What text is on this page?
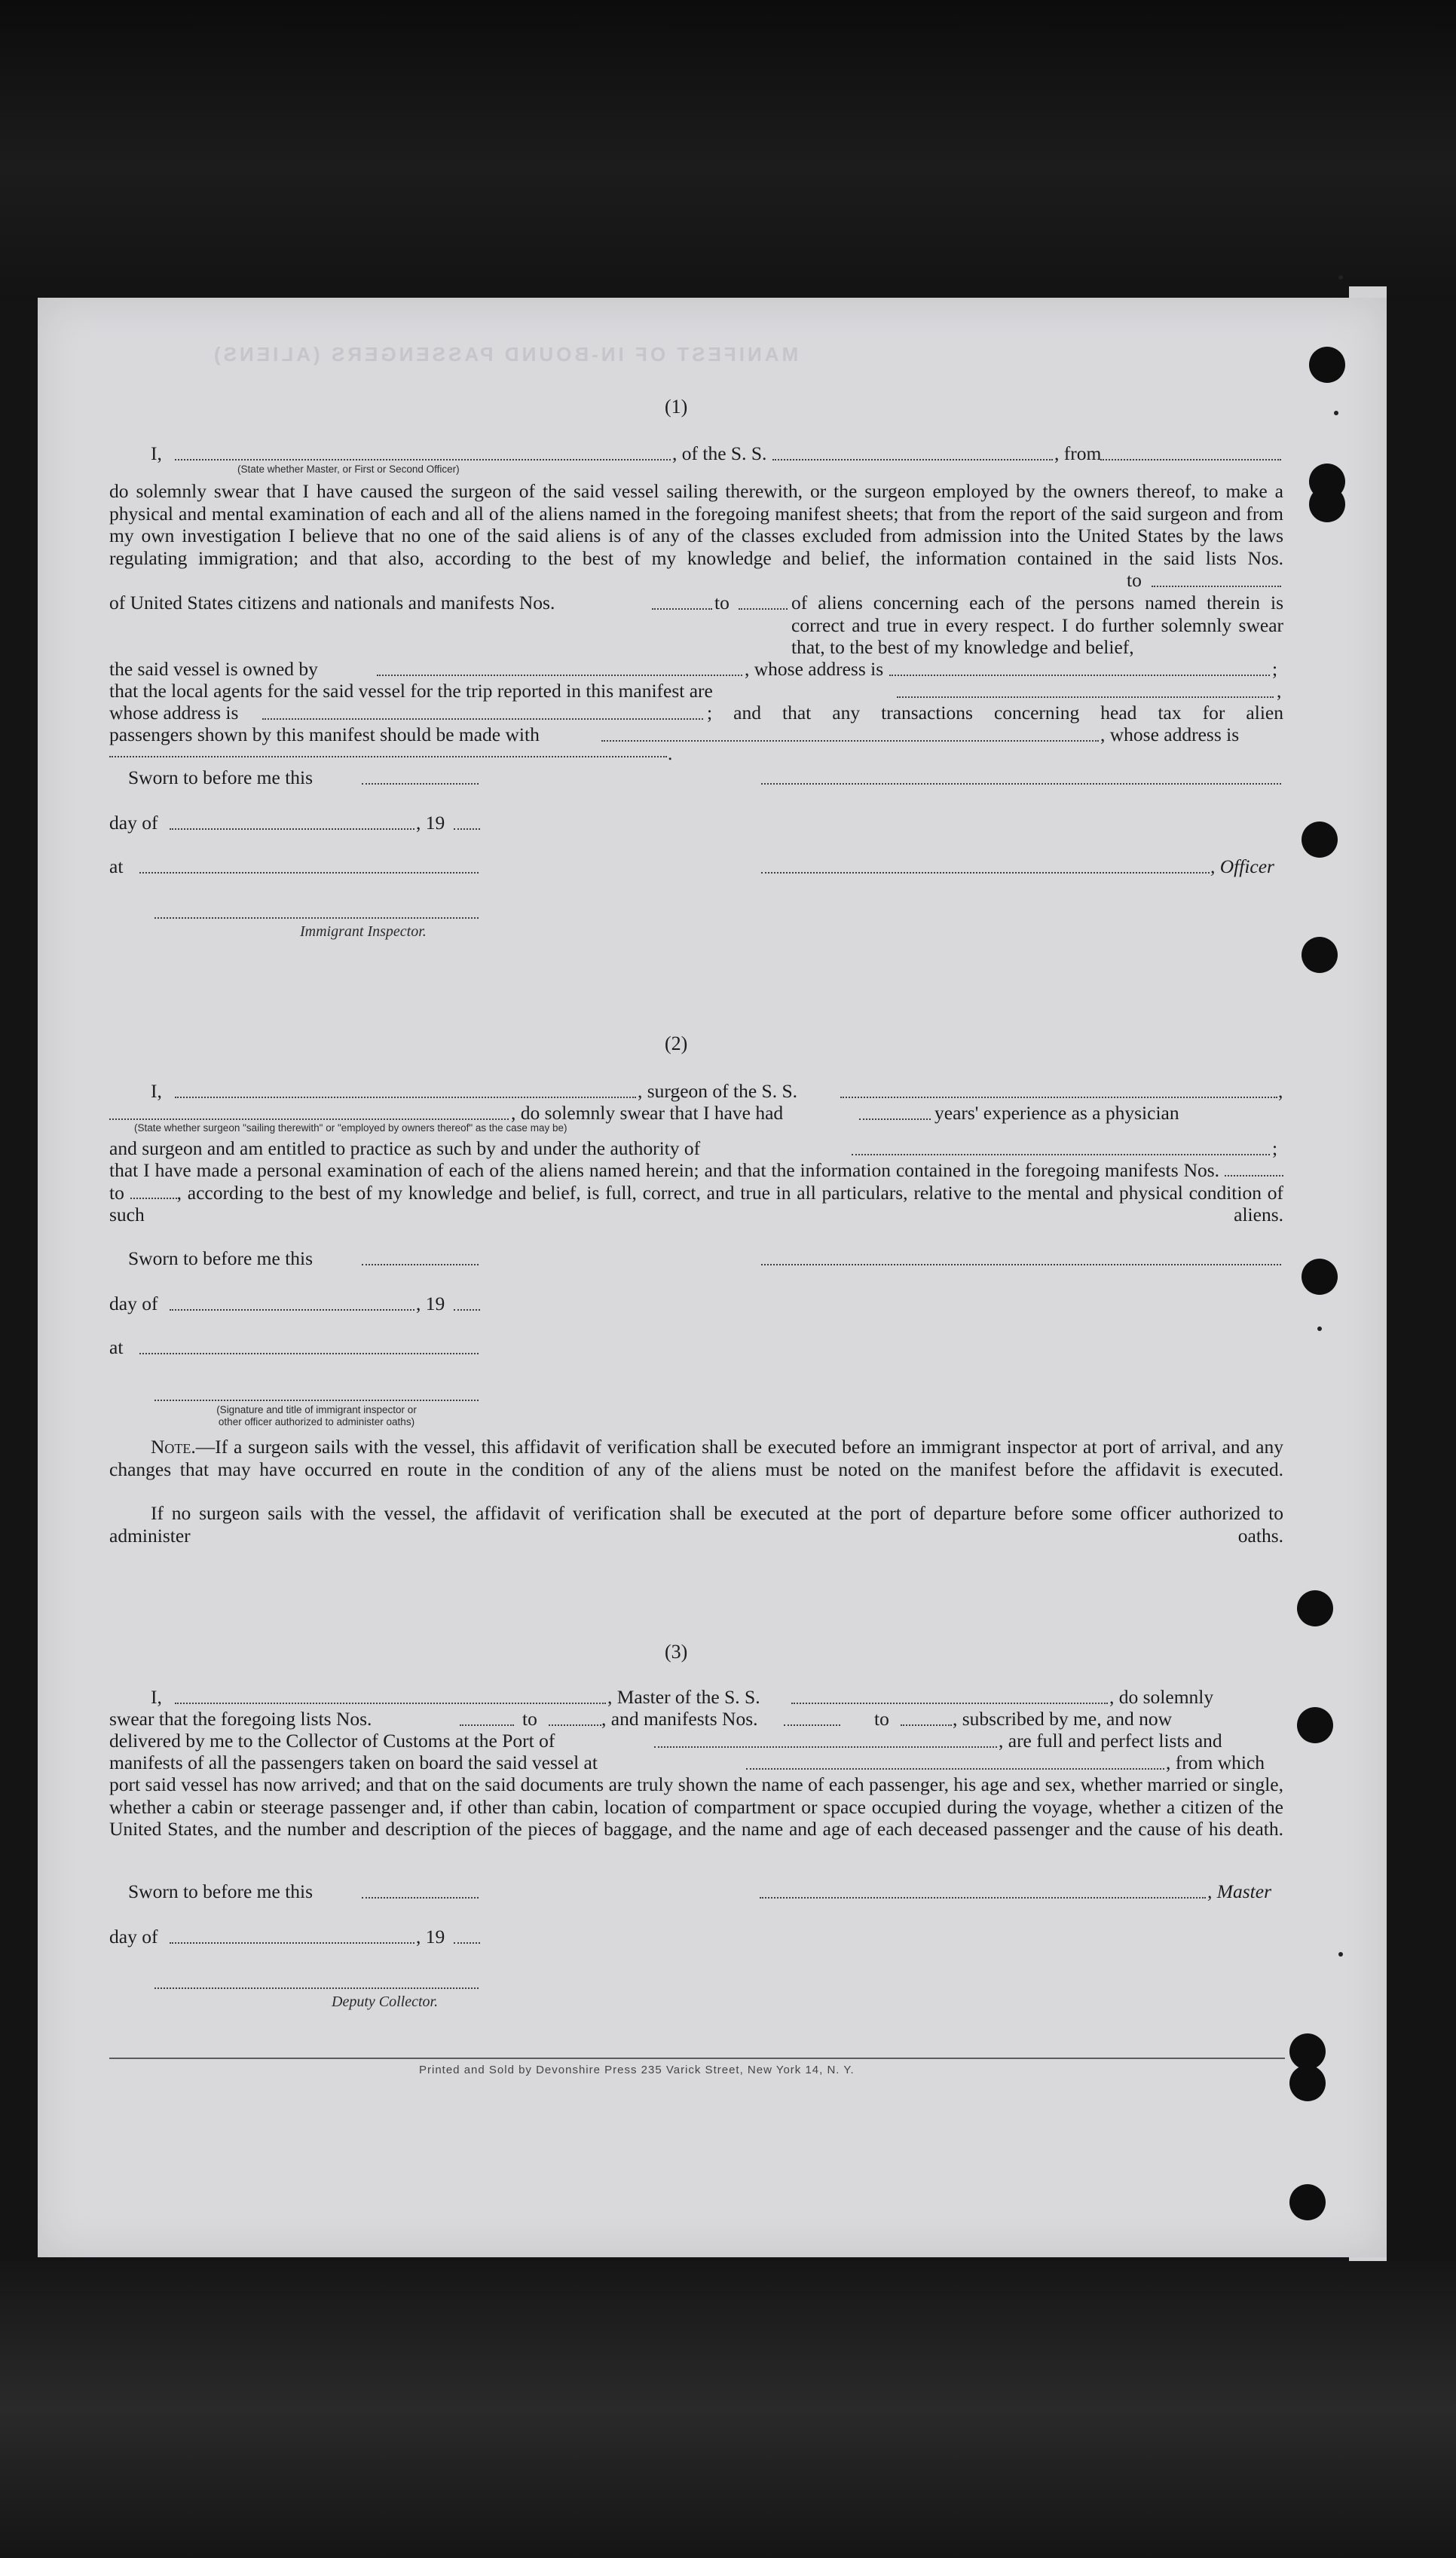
MANIFEST OF IN-BOUND PASSENGERS (ALIENS)
(1)
I,	, of the S. S.	, from
(State whether Master, or First or Second Officer)
do solemnly swear that I have caused the surgeon of the said vessel sailing therewith, or the surgeon employed by the owners thereof, to make a physical and mental examination of each and all of the aliens named in the foregoing manifest sheets; that from the report of the said surgeon and from my own investigation I believe that no one of the said aliens is of any of the classes excluded from admission into the United States by the laws regulating immigration; and that also, according to the best of my knowledge and belief, the information contained in the said lists Nos.
to
of United States citizens and nationals and manifests Nos.	to	of aliens concerning each of the persons named therein is correct and true in every respect. I do further solemnly swear that, to the best of my knowledge and belief,
the said vessel is owned by	, whose address is	;
that the local agents for the said vessel for the trip reported in this manifest are	,
whose address is	; and that any transactions concerning head tax for alien
passengers shown by this manifest should be made with	, whose address is
.
Sworn to before me this
day of	, 19
at	, Officer
Immigrant Inspector.
(2)
I,	, surgeon of the S. S.	,
, do solemnly swear that I have had	years' experience as a physician
(State whether surgeon "sailing therewith" or "employed by owners thereof" as the case may be)
and surgeon and am entitled to practice as such by and under the authority of	;
that I have made a personal examination of each of the aliens named herein; and that the information contained in the foregoing manifests Nos.  to	, according to the best of my knowledge and belief, is full, correct, and true in all particulars, relative to the mental and physical condition of such aliens.
Sworn to before me this
day of	, 19
at
(Signature and title of immigrant inspector or
other officer authorized to administer oaths)
Note.—If a surgeon sails with the vessel, this affidavit of verification shall be executed before an immigrant inspector at port of arrival, and any changes that may have occurred en route in the condition of any of the aliens must be noted on the manifest before the affidavit is executed.
If no surgeon sails with the vessel, the affidavit of verification shall be executed at the port of departure before some officer authorized to administer oaths.
(3)
I,	, Master of the S. S.	, do solemnly
swear that the foregoing lists Nos.	to	, and manifests Nos.	to	, subscribed by me, and now
delivered by me to the Collector of Customs at the Port of	, are full and perfect lists and
manifests of all the passengers taken on board the said vessel at	, from which
port said vessel has now arrived; and that on the said documents are truly shown the name of each passenger, his age and sex, whether married or single, whether a cabin or steerage passenger and, if other than cabin, location of compartment or space occupied during the voyage, whether a citizen of the United States, and the number and description of the pieces of baggage, and the name and age of each deceased passenger and the cause of his death.
Sworn to before me this	, Master
day of	, 19
Deputy Collector.
Printed and Sold by Devonshire Press 235 Varick Street, New York 14, N. Y.
